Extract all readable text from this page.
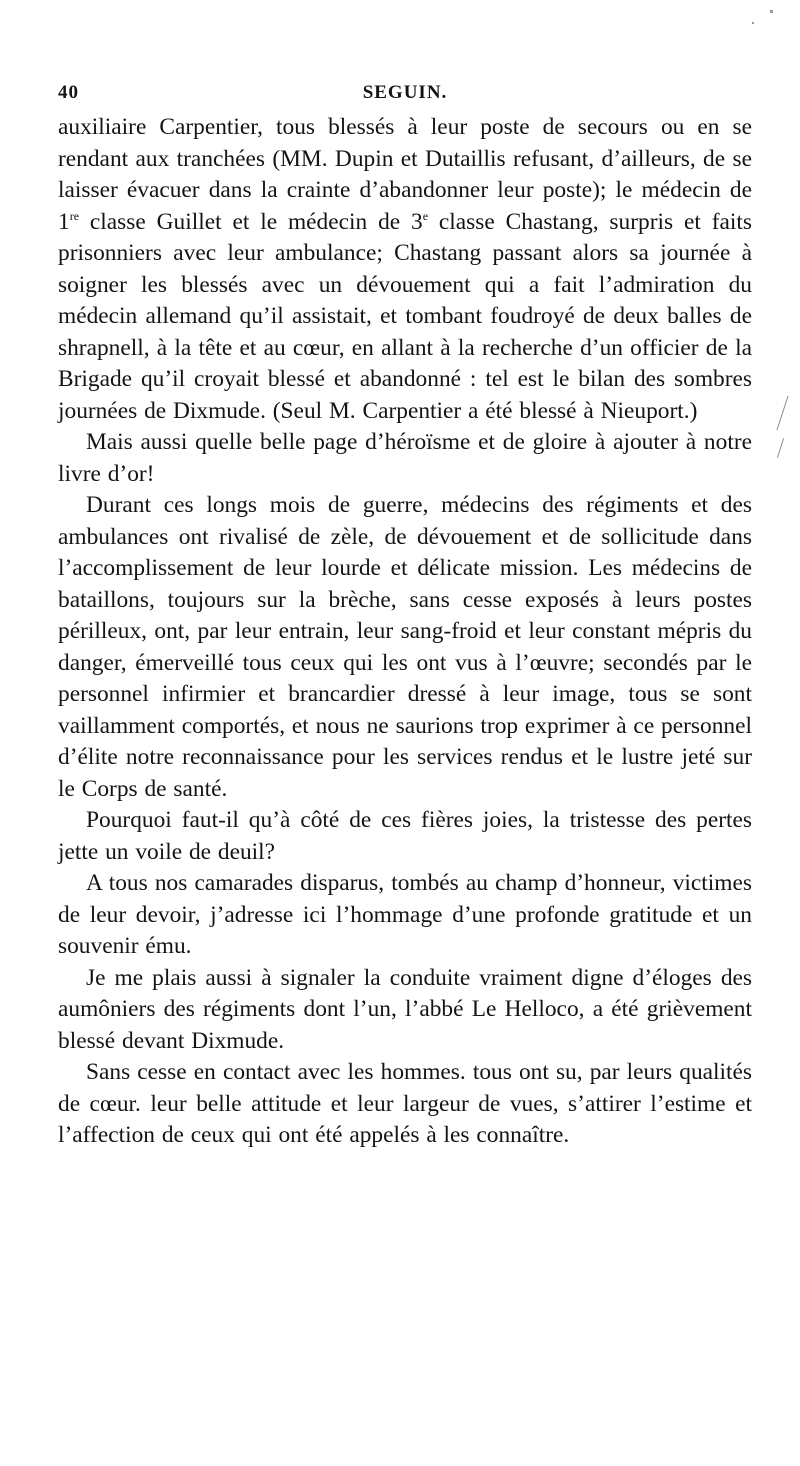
40	SEGUIN.

auxiliaire Carpentier, tous blessés à leur poste de secours ou en se rendant aux tranchées (MM. Dupin et Dutaillis refusant, d’ailleurs, de se laisser évacuer dans la crainte d’abandonner leur poste); le médecin de 1re classe Guillet et le médecin de 3e classe Chastang, surpris et faits prisonniers avec leur ambulance; Chastang passant alors sa journée à soigner les blessés avec un dévouement qui a fait l’admiration du médecin allemand qu’il assistait, et tombant foudroyé de deux balles de shrapnell, à la tête et au cœur, en allant à la recherche d’un officier de la Brigade qu’il croyait blessé et abandonné : tel est le bilan des sombres journées de Dixmude. (Seul M. Carpentier a été blessé à Nieuport.)

Mais aussi quelle belle page d’héroïsme et de gloire à ajouter à notre livre d’or!

Durant ces longs mois de guerre, médecins des régiments et des ambulances ont rivalisé de zèle, de dévouement et de sollicitude dans l’accomplissement de leur lourde et délicate mission. Les médecins de bataillons, toujours sur la brèche, sans cesse exposés à leurs postes périlleux, ont, par leur entrain, leur sang-froid et leur constant mépris du danger, émerveillé tous ceux qui les ont vus à l’œuvre; secondés par le personnel infirmier et brancardier dressé à leur image, tous se sont vaillamment comportés, et nous ne saurions trop exprimer à ce personnel d’élite notre reconnaissance pour les services rendus et le lustre jeté sur le Corps de santé.

Pourquoi faut-il qu’à côté de ces fières joies, la tristesse des pertes jette un voile de deuil?

A tous nos camarades disparus, tombés au champ d’honneur, victimes de leur devoir, j’adresse ici l’hommage d’une profonde gratitude et un souvenir ému.

Je me plais aussi à signaler la conduite vraiment digne d’éloges des aumôniers des régiments dont l’un, l’abbé Le Helloco, a été grièvement blessé devant Dixmude.

Sans cesse en contact avec les hommes. tous ont su, par leurs qualités de cœur. leur belle attitude et leur largeur de vues, s’attirer l’estime et l’affection de ceux qui ont été appelés à les connaître.
